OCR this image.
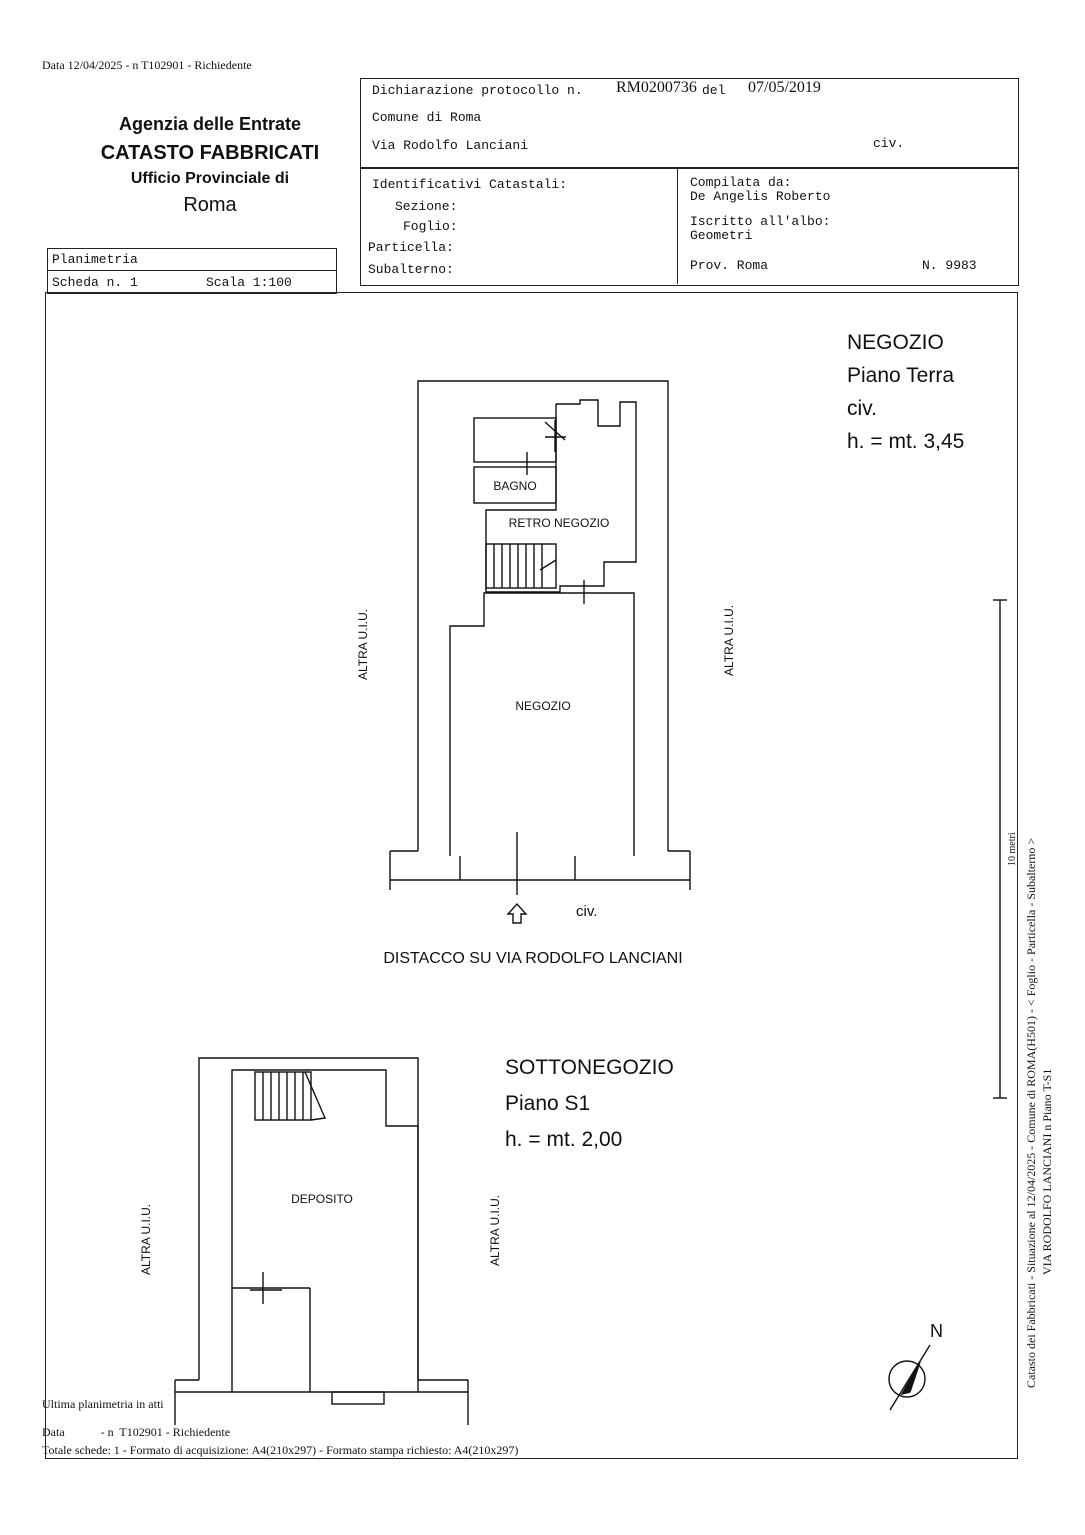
Data 12/04/2025 - n T102901 - Richiedente
Agenzia delle Entrate
CATASTO FABBRICATI
Ufficio Provinciale di
Roma
Dichiarazione protocollo n. RM0200736 del 07/05/2019
Comune di Roma
Via Rodolfo Lanciani	civ.
Identificativi Catastali:
Sezione:
Foglio:
Particella:
Subalterno:
Compilata da:
De Angelis Roberto
Iscritto all'albo:
Geometri
Prov. Roma	N. 9983
Planimetria
Scheda n. 1	Scala 1:100
BAGNO
RETRO NEGOZIO
NEGOZIO
DEPOSITO
ALTRA U.I.U.	ALTRA U.I.U.
ALTRA U.I.U.	ALTRA U.I.U.
civ.
DISTACCO SU VIA RODOLFO LANCIANI
N
NEGOZIO
Piano Terra
civ.
h. = mt. 3,45
SOTTONEGOZIO
Piano S1
h. = mt. 2,00	Catasto dei Fabbricati - Situazione al 12/04/2025 - Comune di ROMA(H501) - < Foglio - Particella - Subalterno > VIA RODOLFO LANCIANI n Piano T-S1
10 metri
Ultima planimetria in atti
Data            - n  T102901 - Richiedente
Totale schede: 1 - Formato di acquisizione: A4(210x297) - Formato stampa richiesto: A4(210x297)
